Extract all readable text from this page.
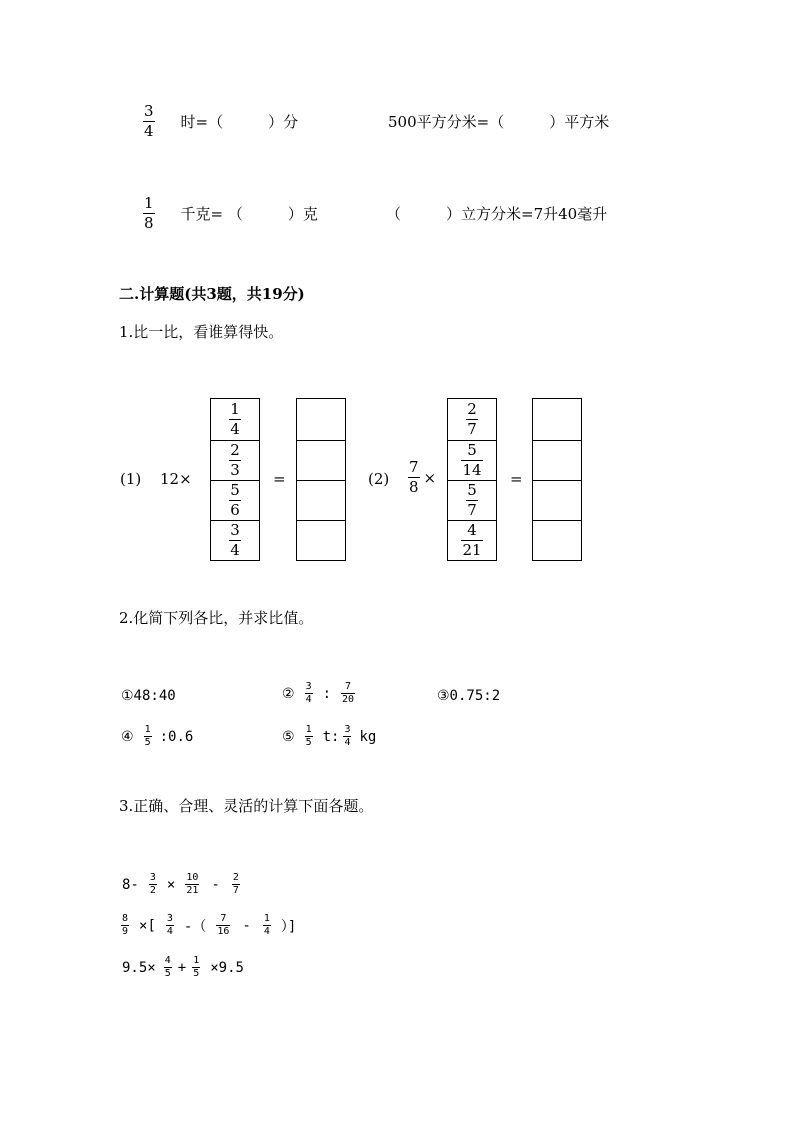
$\frac{3}{4}$ 时=（　　　）分	500平方分米=（　　　）平方米
$\frac{1}{8}$ 千克= （　　　）克	（　　　）立方分米=7升40毫升
二.计算题(共3题，共19分)
1.比一比，看谁算得快。
(1) 12×
$\frac{1}{4}$
$\frac{2}{3}$
$\frac{5}{6}$
$\frac{3}{4}$
=	$(2) \frac{7}{8}$ ×
$\frac{2}{7}$
$\frac{5}{14}$
$\frac{5}{7}$
$\frac{4}{21}$
=
2.化简下列各比，并求比值。
①48:40	② $\frac{3}{4}$ : $\frac{7}{20}$	③0.75:2
④ $\frac{1}{5}$ :0.6	⑤ $\frac{1}{5} t$: $\frac{3}{4}$ kg
3.正确、合理、灵活的计算下面各题。
$8- \frac{3}{2} \times \frac{10}{21} - \frac{2}{7}$
$\frac{8}{9}$ ×[ $\frac{3}{4}$ -（ $\frac{7}{16} - \frac{1}{4}$ ）]
$9.5\times \frac{4}{5} + \frac{1}{5} \times 9.5$
